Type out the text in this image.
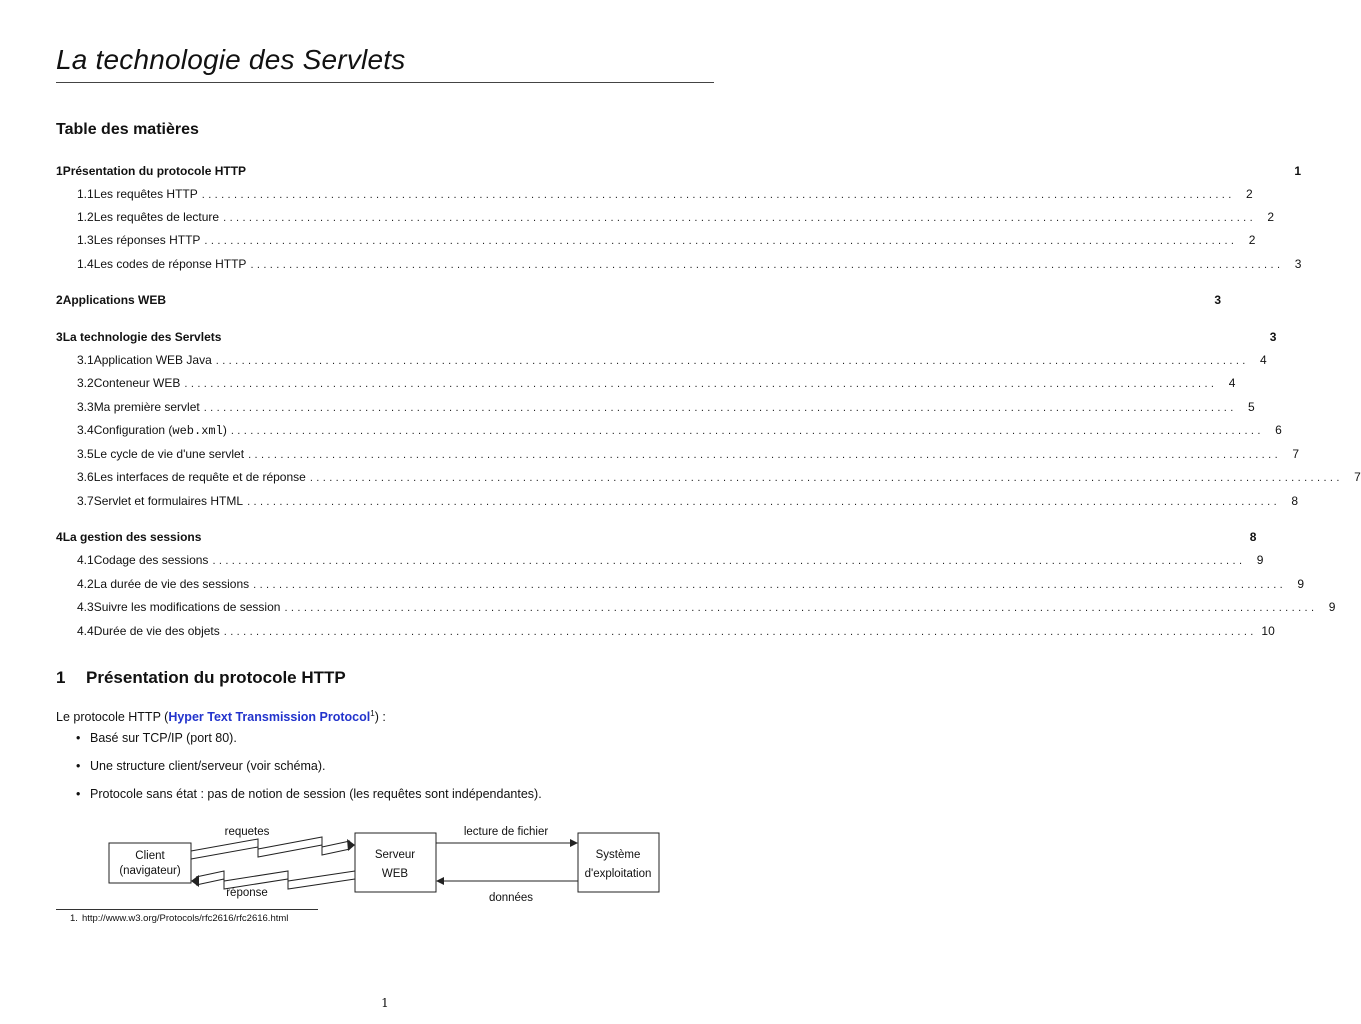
La technologie des Servlets
Table des matières
1 Présentation du protocole HTTP	1
1.1 Les requêtes HTTP ................................................................................................................................................................ 2
1.2 Les requêtes de lecture ................................................................................................................................................................ 2
1.3 Les réponses HTTP ................................................................................................................................................................ 2
1.4 Les codes de réponse HTTP ................................................................................................................................................................ 3
2 Applications WEB	3
3 La technologie des Servlets	3
3.1 Application WEB Java ................................................................................................................................................................ 4
3.2 Conteneur WEB ................................................................................................................................................................ 4
3.3 Ma première servlet ................................................................................................................................................................ 5
3.4 Configuration (web.xml) ................................................................................................................................................................ 6
3.5 Le cycle de vie d'une servlet ................................................................................................................................................................ 7
3.6 Les interfaces de requête et de réponse ................................................................................................................................................................ 7
3.7 Servlet et formulaires HTML ................................................................................................................................................................ 8
4 La gestion des sessions	8
4.1 Codage des sessions ................................................................................................................................................................ 9
4.2 La durée de vie des sessions ................................................................................................................................................................ 9
4.3 Suivre les modifications de session ................................................................................................................................................................ 9
4.4 Durée de vie des objets ................................................................................................................................................................ 10
1 Présentation du protocole HTTP
Le protocole HTTP (Hyper Text Transmission Protocol$^1$) :
• Basé sur TCP/IP (port 80).
• Une structure client/serveur (voir schéma).
• Protocole sans état : pas de notion de session (les requêtes sont indépendantes).
Client
(navigateur)
Serveur
WEB
Système
d'exploitation
requetes
réponse
lecture de fichier
données
1. http://www.w3.org/Protocols/rfc2616/rfc2616.html
1
